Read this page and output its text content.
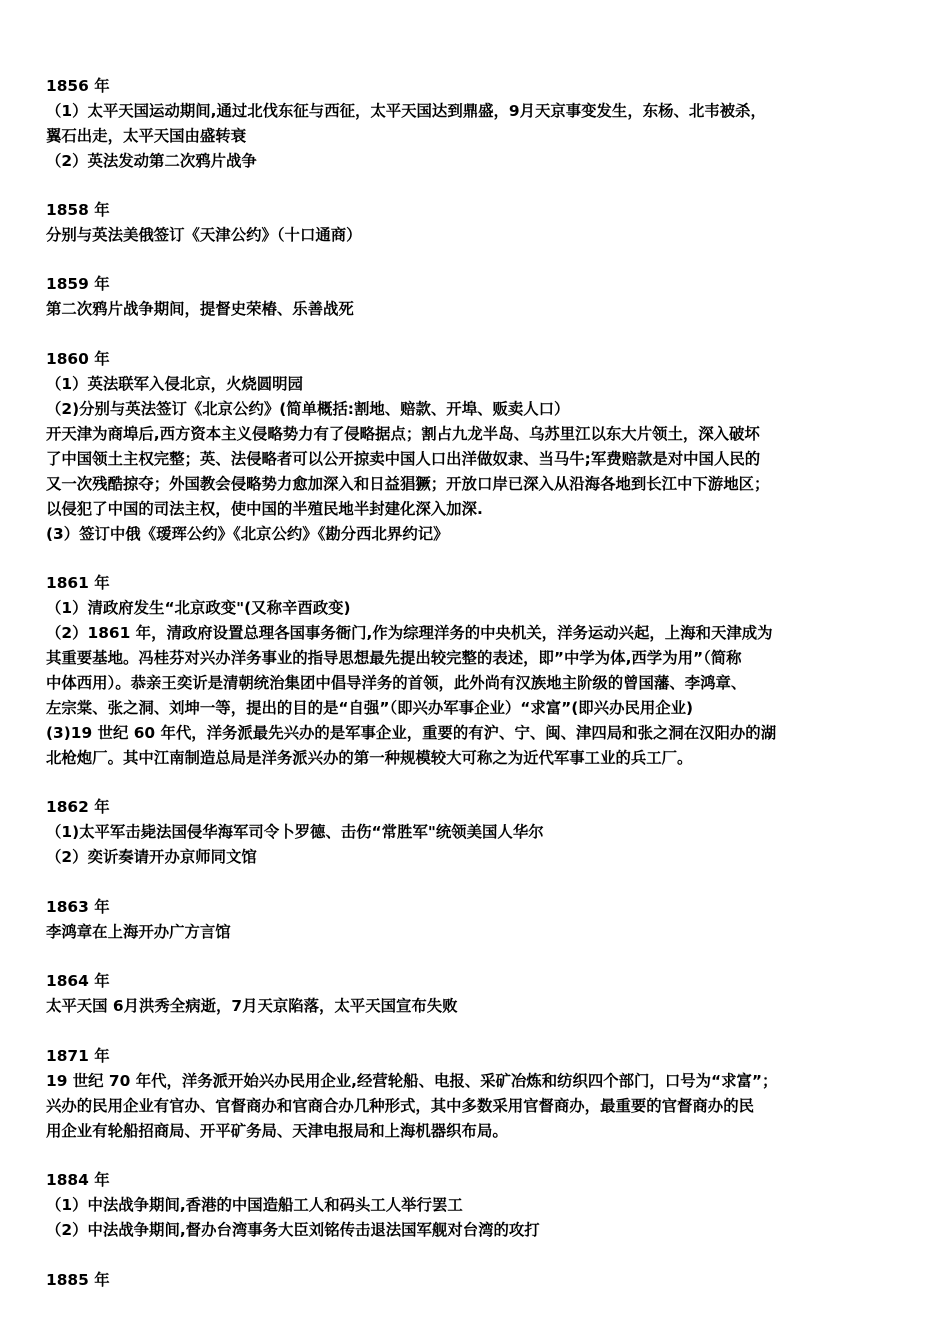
1856 年
（1）太平天国运动期间,通过北伐东征与西征，太平天国达到鼎盛，9月天京事变发生，东杨、北韦被杀，
翼石出走，太平天国由盛转衰
（2）英法发动第二次鸦片战争
1858 年
分别与英法美俄签订《天津公约》（十口通商）
1859 年
第二次鸦片战争期间，提督史荣椿、乐善战死
1860 年
（1）英法联军入侵北京，火烧圆明园
（2)分别与英法签订《北京公约》(简单概括:割地、赔款、开埠、贩卖人口）
开天津为商埠后,西方资本主义侵略势力有了侵略据点；割占九龙半岛、乌苏里江以东大片领土，深入破坏
了中国领土主权完整；英、法侵略者可以公开掠卖中国人口出洋做奴隶、当马牛;军费赔款是对中国人民的
又一次残酷掠夺；外国教会侵略势力愈加深入和日益猖獗；开放口岸已深入从沿海各地到长江中下游地区；
以侵犯了中国的司法主权，使中国的半殖民地半封建化深入加深.
(3）签订中俄《瑷珲公约》《北京公约》《勘分西北界约记》
1861 年
（1）清政府发生“北京政变"(又称辛酉政变)
（2）1861 年，清政府设置总理各国事务衙门,作为综理洋务的中央机关，洋务运动兴起，上海和天津成为
其重要基地。冯桂芬对兴办洋务事业的指导思想最先提出较完整的表述，即”中学为体,西学为用”（简称
中体西用）。恭亲王奕䜣是清朝统治集团中倡导洋务的首领，此外尚有汉族地主阶级的曾国藩、李鸿章、
左宗棠、张之洞、刘坤一等，提出的目的是“自强”（即兴办军事企业）“求富”(即兴办民用企业)
(3)19 世纪 60 年代，洋务派最先兴办的是军事企业，重要的有沪、宁、闽、津四局和张之洞在汉阳办的湖
北枪炮厂。其中江南制造总局是洋务派兴办的第一种规模较大可称之为近代军事工业的兵工厂。
1862 年
（1)太平军击毙法国侵华海军司令卜罗德、击伤“常胜军"统领美国人华尔
（2）奕䜣奏请开办京师同文馆
1863 年
李鸿章在上海开办广方言馆
1864 年
太平天国 6月洪秀全病逝，7月天京陷落，太平天国宣布失败
1871 年
19 世纪 70 年代，洋务派开始兴办民用企业,经营轮船、电报、采矿冶炼和纺织四个部门，口号为“求富”；
兴办的民用企业有官办、官督商办和官商合办几种形式，其中多数采用官督商办，最重要的官督商办的民
用企业有轮船招商局、开平矿务局、天津电报局和上海机器织布局。
1884 年
（1）中法战争期间,香港的中国造船工人和码头工人举行罢工
（2）中法战争期间,督办台湾事务大臣刘铭传击退法国军舰对台湾的攻打
1885 年
